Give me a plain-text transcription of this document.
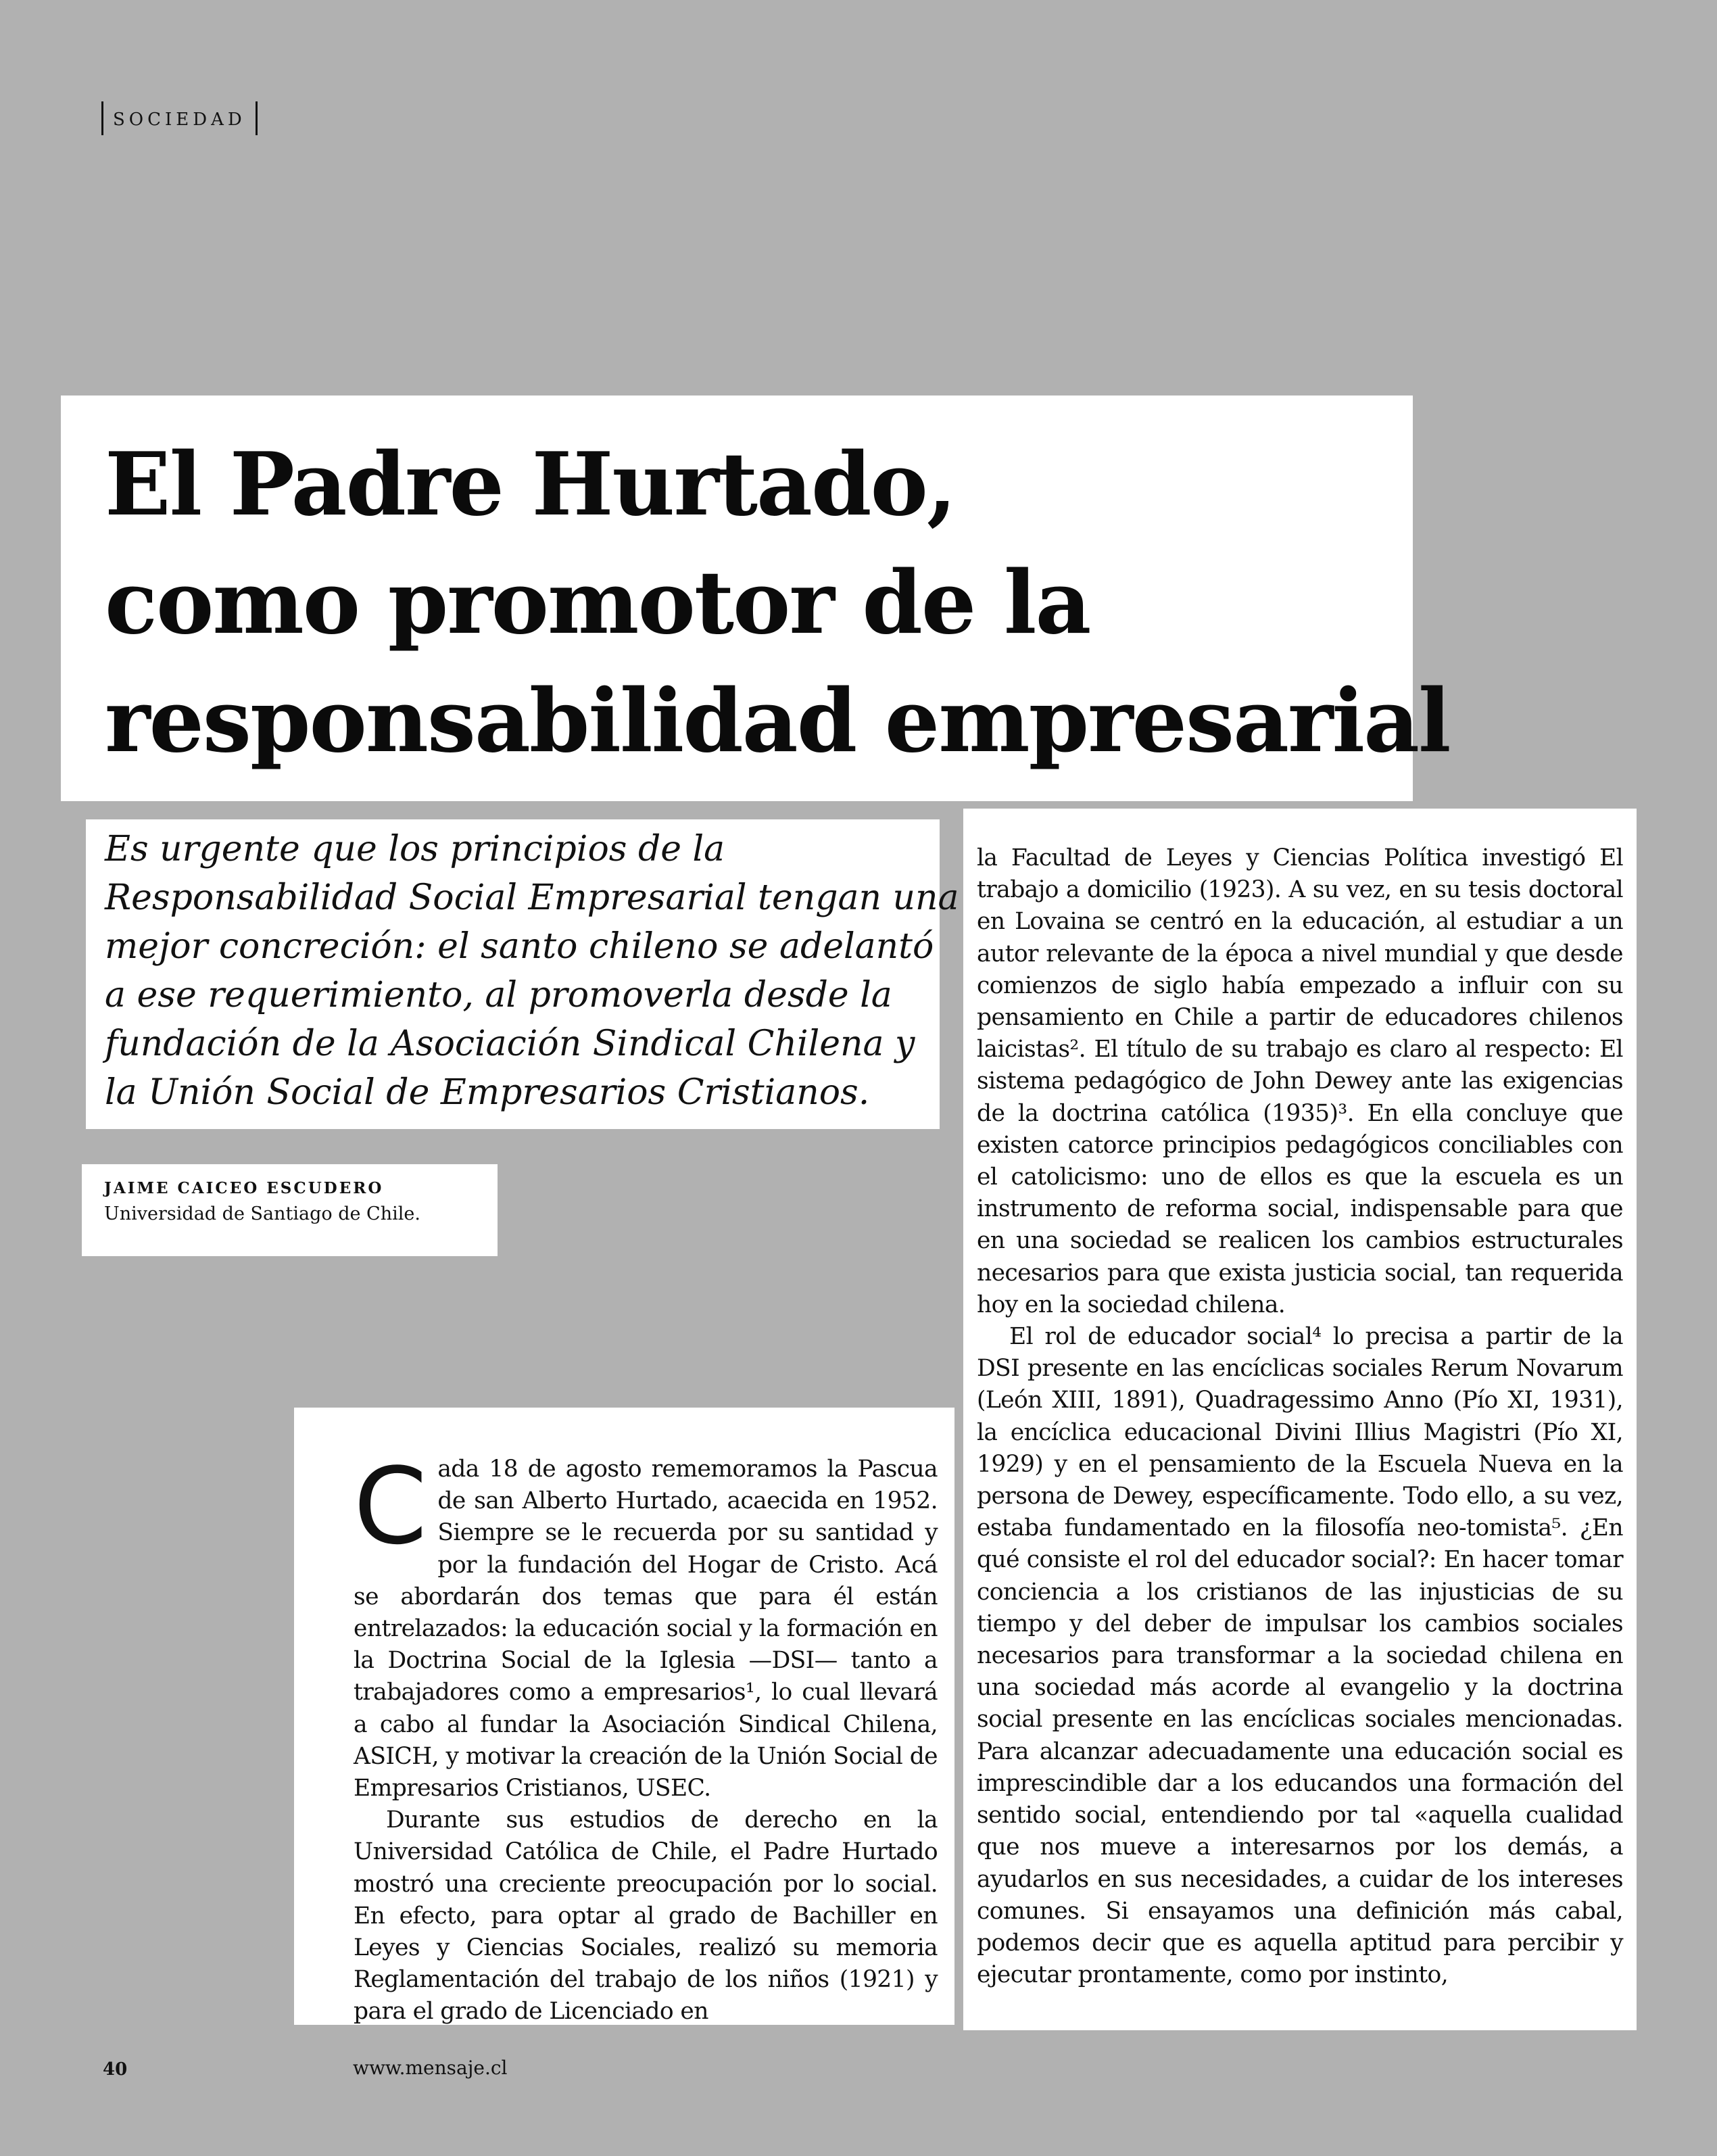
SOCIEDAD
El Padre Hurtado,
como promotor de la
responsabilidad empresarial

Es urgente que los principios de la
Responsabilidad Social Empresarial tengan una
mejor concreción: el santo chileno se adelantó
a ese requerimiento, al promoverla desde la
fundación de la Asociación Sindical Chilena y
la Unión Social de Empresarios Cristianos.

JAIME CAICEO ESCUDERO
Universidad de Santiago de Chile.

Cada 18 de agosto rememoramos la Pascua de san Alberto Hurtado, acaecida en 1952. Siempre se le recuerda por su santidad y por la fundación del Hogar de Cristo. Acá se abordarán dos temas que para él están entrelazados: la educación social y la formación en la Doctrina Social de la Iglesia —DSI— tanto a trabajadores como a empresarios¹, lo cual llevará a cabo al fundar la Asociación Sindical Chilena, ASICH, y motivar la creación de la Unión Social de Empresarios Cristianos, USEC.

Durante sus estudios de derecho en la Universidad Católica de Chile, el Padre Hurtado mostró una creciente preocupación por lo social. En efecto, para optar al grado de Bachiller en Leyes y Ciencias Sociales, realizó su memoria Reglamentación del trabajo de los niños (1921) y para el grado de Licenciado en

la Facultad de Leyes y Ciencias Política investigó El trabajo a domicilio (1923). A su vez, en su tesis doctoral en Lovaina se centró en la educación, al estudiar a un autor relevante de la época a nivel mundial y que desde comienzos de siglo había empezado a influir con su pensamiento en Chile a partir de educadores chilenos laicistas². El título de su trabajo es claro al respecto: El sistema pedagógico de John Dewey ante las exigencias de la doctrina católica (1935)³. En ella concluye que existen catorce principios pedagógicos conciliables con el catolicismo: uno de ellos es que la escuela es un instrumento de reforma social, indispensable para que en una sociedad se realicen los cambios estructurales necesarios para que exista justicia social, tan requerida hoy en la sociedad chilena.

El rol de educador social⁴ lo precisa a partir de la DSI presente en las encíclicas sociales Rerum Novarum (León XIII, 1891), Quadragessimo Anno (Pío XI, 1931), la encíclica educacional Divini Illius Magistri (Pío XI, 1929) y en el pensamiento de la Escuela Nueva en la persona de Dewey, específicamente. Todo ello, a su vez, estaba fundamentado en la filosofía neo-tomista⁵. ¿En qué consiste el rol del educador social?: En hacer tomar conciencia a los cristianos de las injusticias de su tiempo y del deber de impulsar los cambios sociales necesarios para transformar a la sociedad chilena en una sociedad más acorde al evangelio y la doctrina social presente en las encíclicas sociales mencionadas. Para alcanzar adecuadamente una educación social es imprescindible dar a los educandos una formación del sentido social, entendiendo por tal «aquella cualidad que nos mueve a interesarnos por los demás, a ayudarlos en sus necesidades, a cuidar de los intereses comunes. Si ensayamos una definición más cabal, podemos decir que es aquella aptitud para percibir y ejecutar prontamente, como por instinto,

40	www.mensaje.cl
